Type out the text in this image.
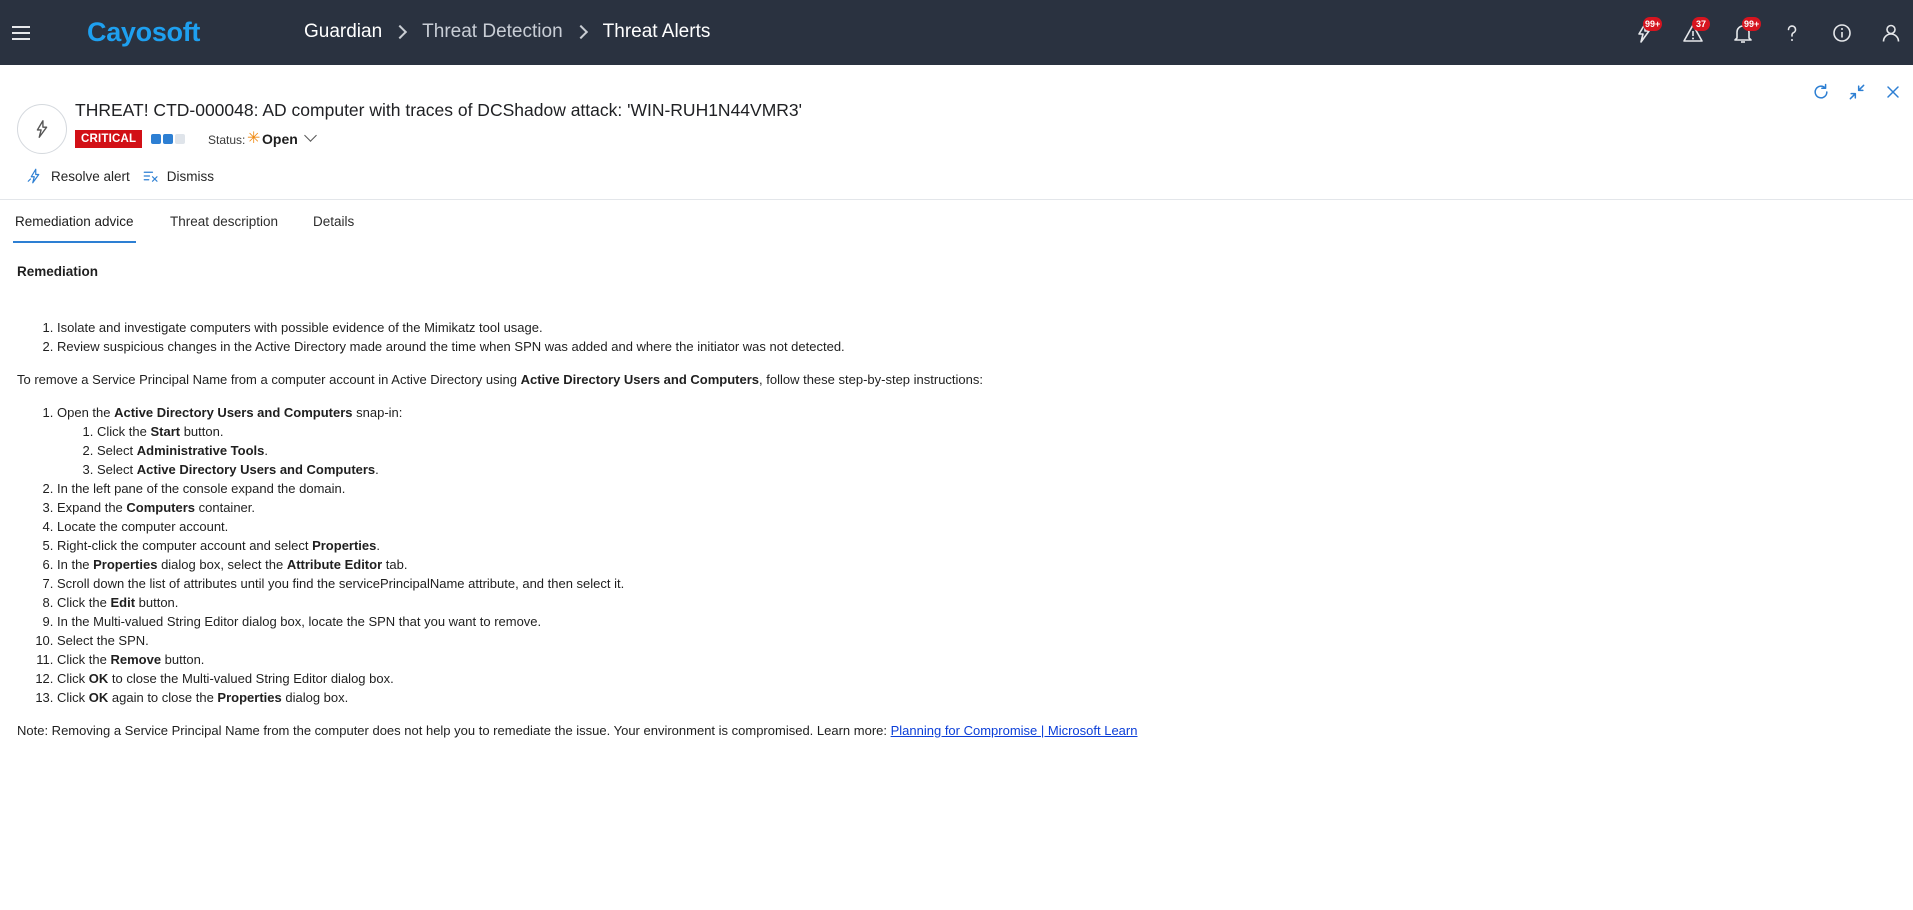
Cayosoft	Guardian Threat Detection Threat Alerts	99+	37	99+
THREAT! CTD-000048: AD computer with traces of DCShadow attack: 'WIN-RUH1N44VMR3'
CRITICAL	Status: ✳ Open
Resolve alert	Dismiss
Remediation advice	Threat description	Details
Remediation
1. Isolate and investigate computers with possible evidence of the Mimikatz tool usage.
2. Review suspicious changes in the Active Directory made around the time when SPN was added and where the initiator was not detected.

To remove a Service Principal Name from a computer account in Active Directory using Active Directory Users and Computers, follow these step-by-step instructions:

1. Open the Active Directory Users and Computers snap-in:
1. Click the Start button.
2. Select Administrative Tools.
3. Select Active Directory Users and Computers.
2. In the left pane of the console expand the domain.
3. Expand the Computers container.
4. Locate the computer account.
5. Right-click the computer account and select Properties.
6. In the Properties dialog box, select the Attribute Editor tab.
7. Scroll down the list of attributes until you find the servicePrincipalName attribute, and then select it.
8. Click the Edit button.
9. In the Multi-valued String Editor dialog box, locate the SPN that you want to remove.
10. Select the SPN.
11. Click the Remove button.
12. Click OK to close the Multi-valued String Editor dialog box.
13. Click OK again to close the Properties dialog box.

Note: Removing a Service Principal Name from the computer does not help you to remediate the issue. Your environment is compromised. Learn more: Planning for Compromise | Microsoft Learn
